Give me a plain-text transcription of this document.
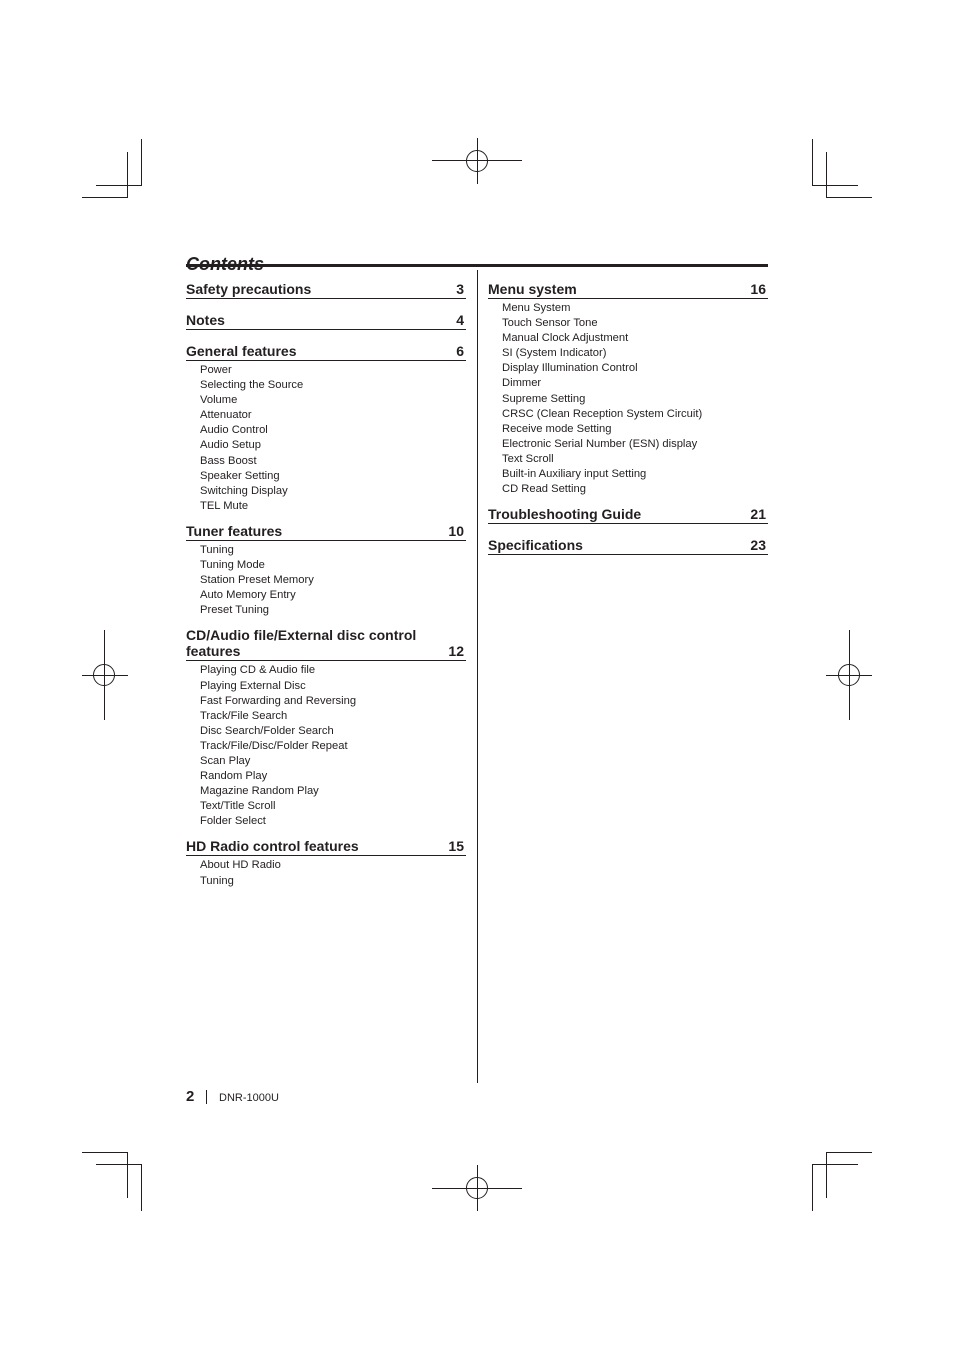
Safety precautions	3
Notes	4
General features	6
Power
Selecting the Source
Volume
Attenuator
Audio Control
Audio Setup
Bass Boost
Speaker Setting
Switching Display
TEL Mute
Tuner features	10
Tuning
Tuning Mode
Station Preset Memory
Auto Memory Entry
Preset Tuning
CD/Audio file/External disc control features	12
Playing CD & Audio file
Playing External Disc
Fast Forwarding and Reversing
Track/File Search
Disc Search/Folder Search
Track/File/Disc/Folder Repeat
Scan Play
Random Play
Magazine Random Play
Text/Title Scroll
Folder Select
HD Radio control features	15
About HD Radio
Tuning
Menu system	16
Menu System
Touch Sensor Tone
Manual Clock Adjustment
SI (System Indicator)
Display Illumination Control
Dimmer
Supreme Setting
CRSC (Clean Reception System Circuit)
Receive mode Setting
Electronic Serial Number (ESN) display
Text Scroll
Built-in Auxiliary input Setting
CD Read Setting
Troubleshooting Guide	21
Specifications	23
2 DNR-1000U
